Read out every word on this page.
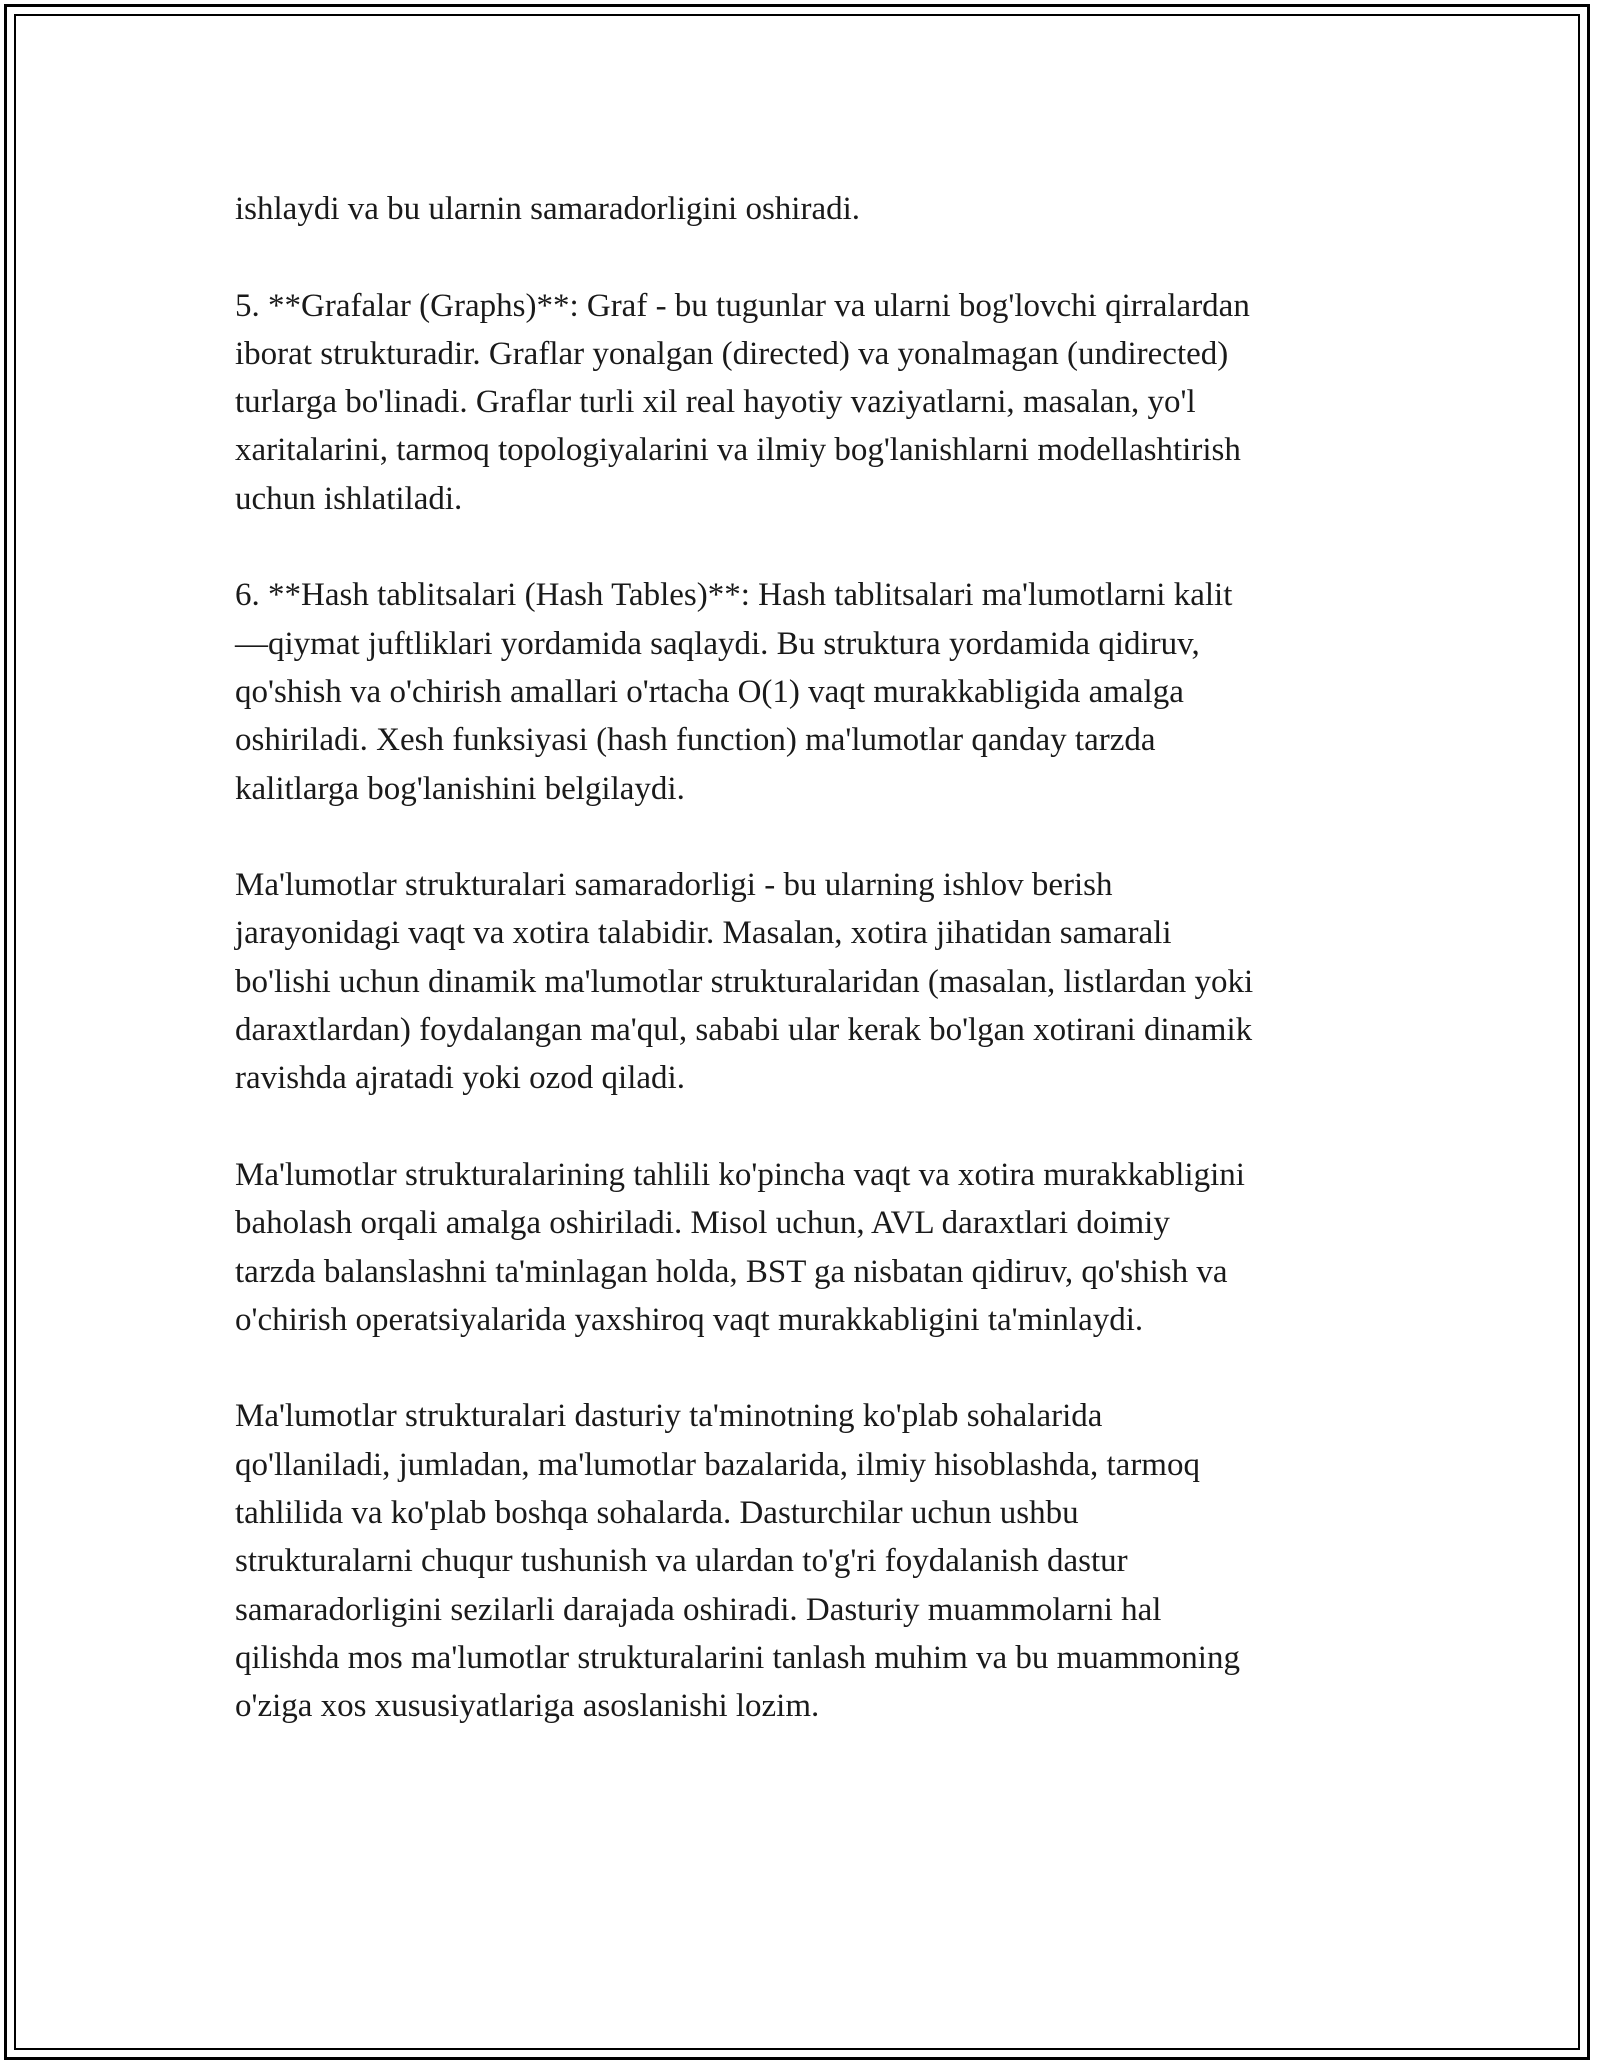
ishlaydi va bu ularnin samaradorligini oshiradi.

5. **Grafalar (Graphs)**: Graf - bu tugunlar va ularni bog'lovchi qirralardan
iborat strukturadir. Graflar yonalgan (directed) va yonalmagan (undirected)
turlarga bo'linadi. Graflar turli xil real hayotiy vaziyatlarni, masalan, yo'l
xaritalarini, tarmoq topologiyalarini va ilmiy bog'lanishlarni modellashtirish
uchun ishlatiladi.

6. **Hash tablitsalari (Hash Tables)**: Hash tablitsalari ma'lumotlarni kalit
—qiymat juftliklari yordamida saqlaydi. Bu struktura yordamida qidiruv,
qo'shish va o'chirish amallari o'rtacha O(1) vaqt murakkabligida amalga
oshiriladi. Xesh funksiyasi (hash function) ma'lumotlar qanday tarzda
kalitlarga bog'lanishini belgilaydi.

Ma'lumotlar strukturalari samaradorligi - bu ularning ishlov berish
jarayonidagi vaqt va xotira talabidir. Masalan, xotira jihatidan samarali
bo'lishi uchun dinamik ma'lumotlar strukturalaridan (masalan, listlardan yoki
daraxtlardan) foydalangan ma'qul, sababi ular kerak bo'lgan xotirani dinamik
ravishda ajratadi yoki ozod qiladi.

Ma'lumotlar strukturalarining tahlili ko'pincha vaqt va xotira murakkabligini
baholash orqali amalga oshiriladi. Misol uchun, AVL daraxtlari doimiy
tarzda balanslashni ta'minlagan holda, BST ga nisbatan qidiruv, qo'shish va
o'chirish operatsiyalarida yaxshiroq vaqt murakkabligini ta'minlaydi.

Ma'lumotlar strukturalari dasturiy ta'minotning ko'plab sohalarida
qo'llaniladi, jumladan, ma'lumotlar bazalarida, ilmiy hisoblashda, tarmoq
tahlilida va ko'plab boshqa sohalarda. Dasturchilar uchun ushbu
strukturalarni chuqur tushunish va ulardan to'g'ri foydalanish dastur
samaradorligini sezilarli darajada oshiradi. Dasturiy muammolarni hal
qilishda mos ma'lumotlar strukturalarini tanlash muhim va bu muammoning
o'ziga xos xususiyatlariga asoslanishi lozim.
